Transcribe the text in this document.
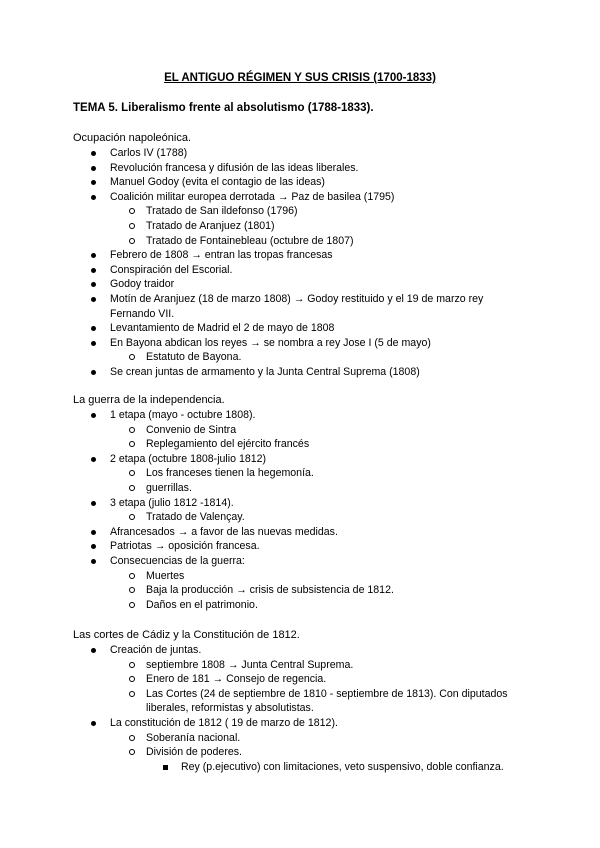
EL ANTIGUO RÉGIMEN Y SUS CRISIS (1700-1833)
TEMA 5. Liberalismo frente al absolutismo (1788-1833).
Ocupación napoleónica.
Carlos IV (1788)
Revolución francesa y difusión de las ideas liberales.
Manuel Godoy (evita el contagio de las ideas)
Coalición militar europea derrotada → Paz de basilea (1795)
Tratado de San ildefonso (1796)
Tratado de Aranjuez (1801)
Tratado de Fontainebleau (octubre de 1807)
Febrero de 1808 → entran las tropas francesas
Conspiración del Escorial.
Godoy traidor
Motín de Aranjuez (18 de marzo 1808) → Godoy restituido y el 19 de marzo rey
Fernando VII.
Levantamiento de Madrid el 2 de mayo de 1808
En Bayona abdican los reyes → se nombra a rey Jose I (5 de mayo)
Estatuto de Bayona.
Se crean juntas de armamento y la Junta Central Suprema (1808)
La guerra de la independencia.
1 etapa (mayo - octubre 1808).
Convenio de Sintra
Replegamiento del ejército francés
2 etapa (octubre 1808-julio 1812)
Los franceses tienen la hegemonía.
guerrillas.
3 etapa (julio 1812 -1814).
Tratado de Valençay.
Afrancesados → a favor de las nuevas medidas.
Patriotas → oposición francesa.
Consecuencias de la guerra:
Muertes
Baja la producción → crisis de subsistencia de 1812.
Daños en el patrimonio.
Las cortes de Cádiz y la Constitución de 1812.
Creación de juntas.
septiembre 1808 → Junta Central Suprema.
Enero de 181 → Consejo de regencia.
Las Cortes (24 de septiembre de 1810 - septiembre de 1813). Con diputados
liberales, reformistas y absolutistas.
La constitución de 1812 ( 19 de marzo de 1812).
Soberanía nacional.
División de poderes.
Rey (p.ejecutivo) con limitaciones, veto suspensivo, doble confianza.
